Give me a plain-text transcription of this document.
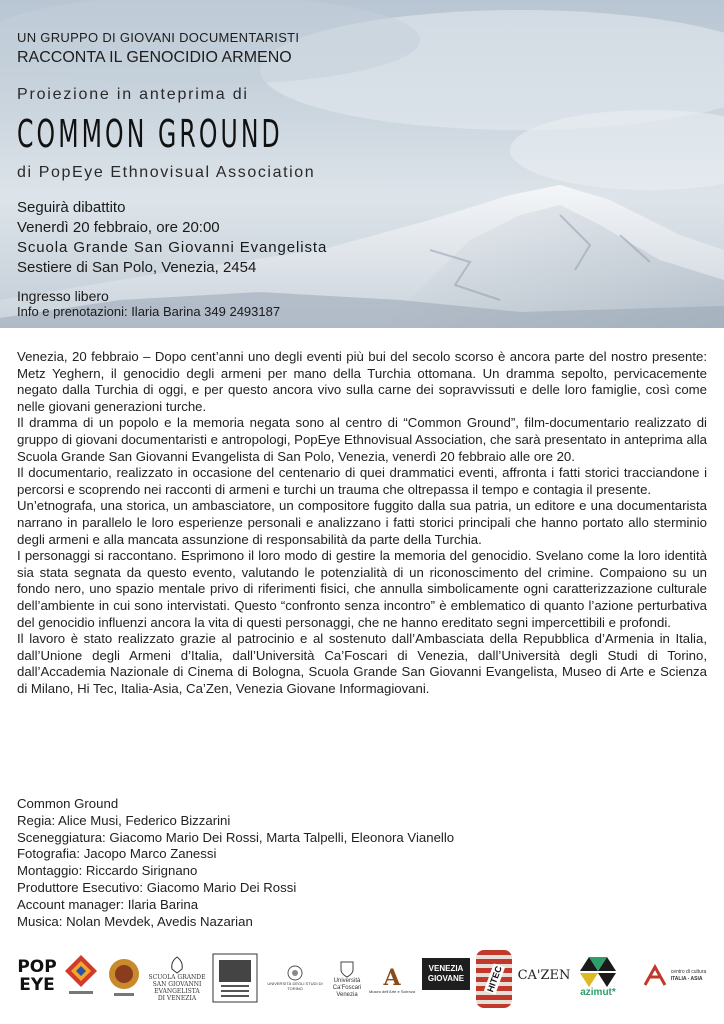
UN GRUPPO DI GIOVANI DOCUMENTARISTI
RACCONTA IL GENOCIDIO ARMENO
Proiezione in anteprima di
COMMON GROUND
di PopEye Ethnovisual Association
Seguirà dibattito
Venerdì 20 febbraio, ore 20:00
Scuola Grande San Giovanni Evangelista
Sestiere di San Polo, Venezia, 2454
Ingresso libero
Info e prenotazioni: Ilaria Barina 349 2493187

Venezia, 20 febbraio – Dopo cent’anni uno degli eventi più bui del secolo scorso è ancora parte del nostro presente: Metz Yeghern, il genocidio degli armeni per mano della Turchia ottomana. Un dramma sepolto, pervicacemente negato dalla Turchia di oggi, e per questo ancora vivo sulla carne dei sopravvissuti e delle loro famiglie, così come nelle giovani generazioni turche.

Il dramma di un popolo e la memoria negata sono al centro di “Common Ground”, film-documentario realizzato di gruppo di giovani documentaristi e antropologi, PopEye Ethnovisual Association, che sarà presentato in anteprima alla Scuola Grande San Giovanni Evangelista di San Polo, Venezia, venerdì 20 febbraio alle ore 20.

Il documentario, realizzato in occasione del centenario di quei drammatici eventi, affronta i fatti storici tracciandone i percorsi e scoprendo nei racconti di armeni e turchi un trauma che oltrepassa il tempo e contagia il presente.

Un’etnografa, una storica, un ambasciatore, un compositore fuggito dalla sua patria, un editore e una documentarista narrano in parallelo le loro esperienze personali e analizzano i fatti storici principali che hanno portato allo sterminio degli armeni e alla mancata assunzione di responsabilità da parte della Turchia.

I personaggi si raccontano. Esprimono il loro modo di gestire la memoria del genocidio. Svelano come la loro identità sia stata segnata da questo evento, valutando le potenzialità di un riconoscimento del crimine. Compaiono su un fondo nero, uno spazio mentale privo di riferimenti fisici, che annulla simbolicamente ogni caratterizzazione culturale dell’ambiente in cui sono intervistati. Questo “confronto senza incontro” è emblematico di quanto l’azione perturbativa del genocidio influenzi ancora la vita di questi personaggi, che ne hanno ereditato segni impercettibili e profondi.

Il lavoro è stato realizzato grazie al patrocinio e al sostenuto dall’Ambasciata della Repubblica d’Armenia in Italia, dall’Unione degli Armeni d’Italia, dall’Università Ca’Foscari di Venezia, dall’Università degli Studi di Torino, dall’Accademia Nazionale di Cinema di Bologna, Scuola Grande San Giovanni Evangelista, Museo di Arte e Scienza di Milano, Hi Tec, Italia-Asia, Ca’Zen, Venezia Giovane Informagiovani.

Common Ground
Regia: Alice Musi, Federico Bizzarini
Sceneggiatura: Giacomo Mario Dei Rossi, Marta Talpelli, Eleonora Vianello
Fotografia: Jacopo Marco Zanessi
Montaggio: Riccardo Sirignano
Produttore Esecutivo: Giacomo Mario Dei Rossi
Account manager: Ilaria Barina
Musica: Nolan Mevdek, Avedis Nazarian
POP
EYE	SCUOLA GRANDE
SAN GIOVANNI
EVANGELISTA
DI VENEZIA
UNIVERSITÀ DEGLI STUDI DI TORINO
Università
Ca'Foscari
Venezia
A
Museo dell'Arte e Scienza
VENEZIA
GIOVANE HITEC CA'ZEN
azimut*
centro di cultura
ITALIA - ASIA
